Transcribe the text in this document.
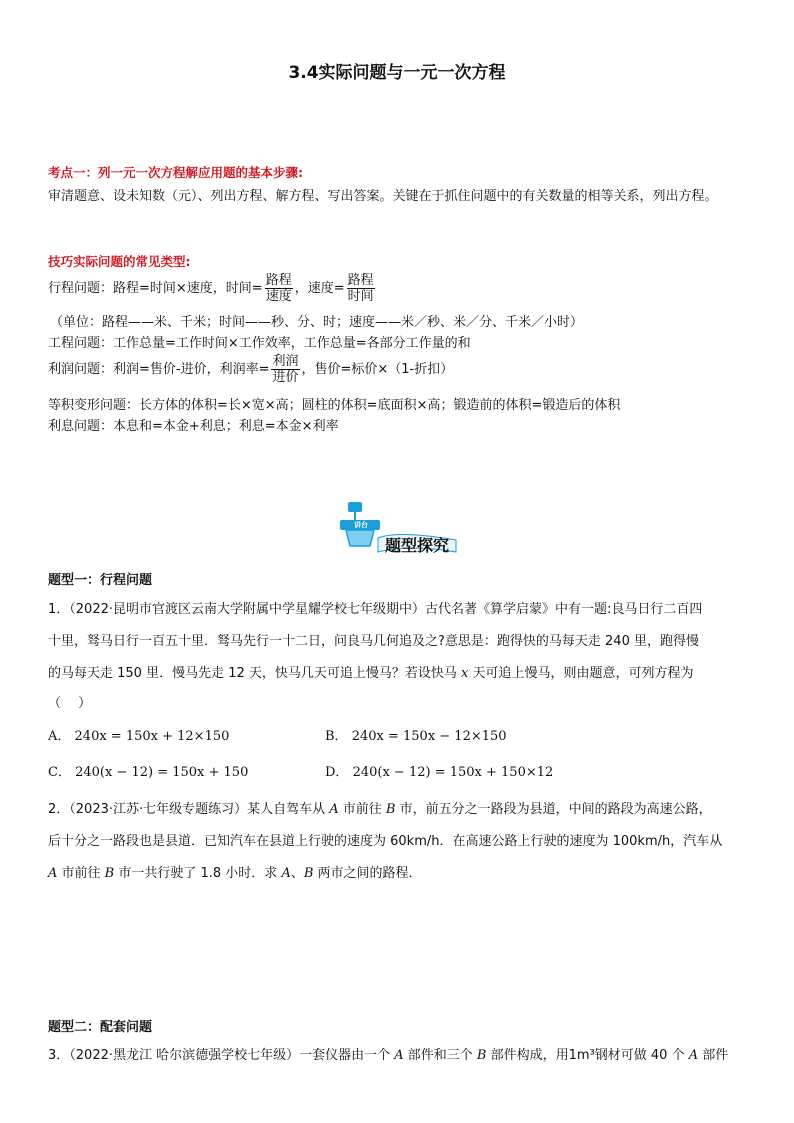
3.4实际问题与一元一次方程
考点一：列一元一次方程解应用题的基本步骤:
审清题意、设未知数（元）、列出方程、解方程、写出答案。关键在于抓住问题中的有关数量的相等关系，列出方程。
技巧实际问题的常见类型:
行程问题：路程=时间×速度，时间= $\frac{\text{路程}}{\text{速度}}$ ，速度= $\frac{\text{路程}}{\text{时间}}$
（单位：路程——米、千米；时间——秒、分、时；速度——米／秒、米／分、千米／小时）
工程问题：工作总量=工作时间×工作效率，工作总量=各部分工作量的和
利润问题：利润=售价-进价，利润率= $\frac{\text{利润}}{\text{进价}}$ ，售价=标价×（1-折扣）
等积变形问题：长方体的体积=长×宽×高；圆柱的体积=底面积×高；锻造前的体积=锻造后的体积
利息问题：本息和=本金+利息；利息=本金×利率
讲台
题型探究
题型一：行程问题
1．（2022·昆明市官渡区云南大学附属中学星耀学校七年级期中）古代名著《算学启蒙》中有一题:良马日行二百四
十里，驽马日行一百五十里．驽马先行一十二日，问良马几何追及之?意思是：跑得快的马每天走 240 里，跑得慢
的马每天走 150 里．慢马先走 12 天，快马几天可追上慢马？若设快马 x 天可追上慢马，则由题意，可列方程为
（　 ）
A． 240x = 150x + 12×150	B． 240x = 150x − 12×150
C． 240(x − 12) = 150x + 150	D． 240(x − 12) = 150x + 150×12
2．（2023·江苏·七年级专题练习）某人自驾车从 A 市前往 B 市，前五分之一路段为县道，中间的路段为高速公路，
后十分之一路段也是县道．已知汽车在县道上行驶的速度为 60km/h．在高速公路上行驶的速度为 100km/h，汽车从
A 市前往 B 市一共行驶了 1.8 小时．求 A、B 两市之间的路程．
题型二：配套问题
3．（2022·黑龙江 哈尔滨德强学校七年级）一套仪器由一个 A 部件和三个 B 部件构成，用1m³钢材可做 40 个 A 部件
